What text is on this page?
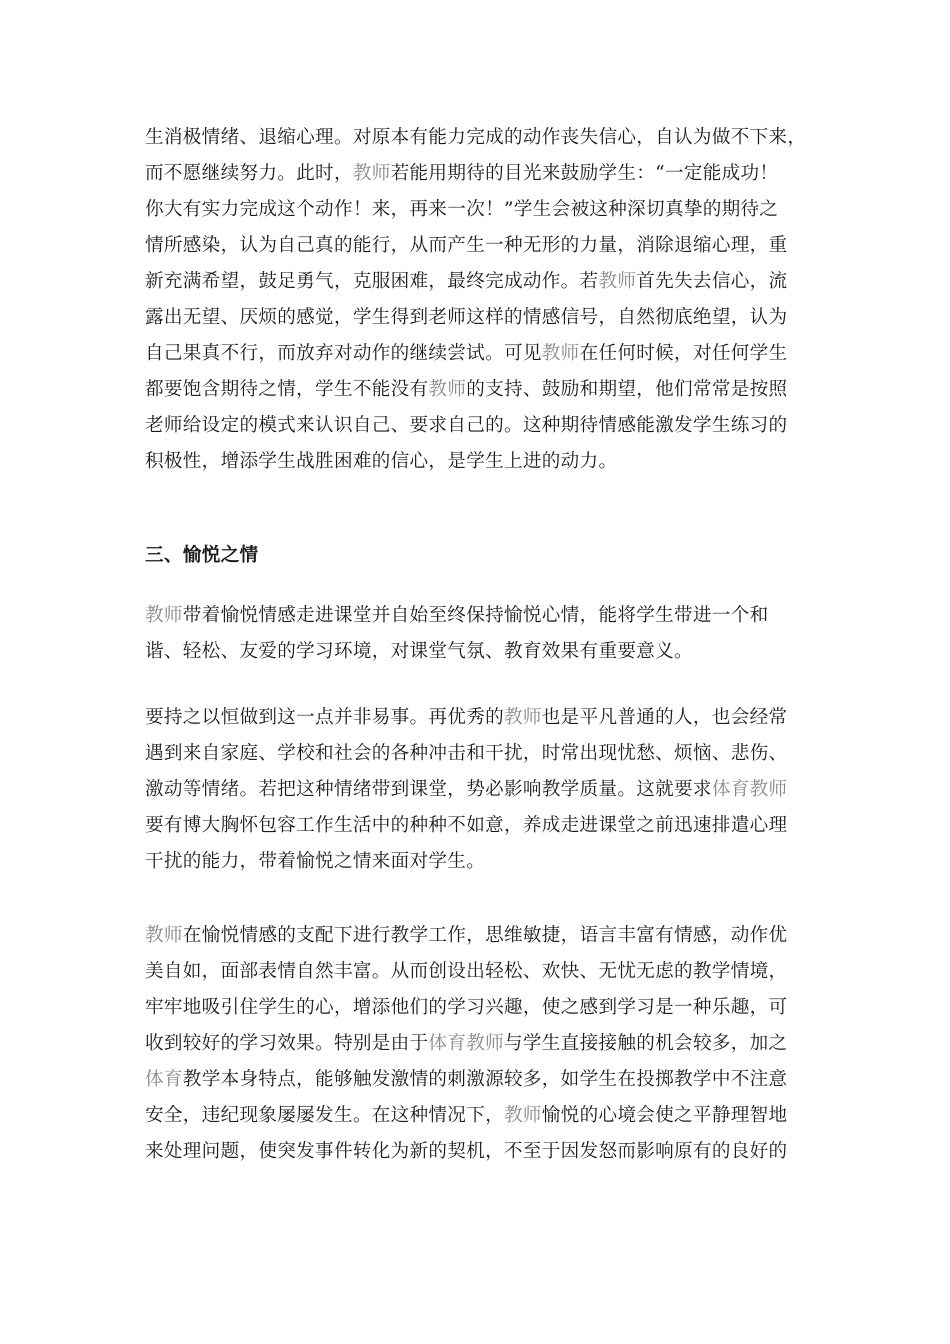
生消极情绪、退缩心理。对原本有能力完成的动作丧失信心，自认为做不下来，
而不愿继续努力。此时，教师若能用期待的目光来鼓励学生：“一定能成功！
你大有实力完成这个动作！来，再来一次！”学生会被这种深切真挚的期待之
情所感染，认为自己真的能行，从而产生一种无形的力量，消除退缩心理，重
新充满希望，鼓足勇气，克服困难，最终完成动作。若教师首先失去信心，流
露出无望、厌烦的感觉，学生得到老师这样的情感信号，自然彻底绝望，认为
自己果真不行，而放弃对动作的继续尝试。可见教师在任何时候，对任何学生
都要饱含期待之情，学生不能没有教师的支持、鼓励和期望，他们常常是按照
老师给设定的模式来认识自己、要求自己的。这种期待情感能激发学生练习的
积极性，增添学生战胜困难的信心，是学生上进的动力。
三、愉悦之情
教师带着愉悦情感走进课堂并自始至终保持愉悦心情，能将学生带进一个和
谐、轻松、友爱的学习环境，对课堂气氛、教育效果有重要意义。
要持之以恒做到这一点并非易事。再优秀的教师也是平凡普通的人，也会经常
遇到来自家庭、学校和社会的各种冲击和干扰，时常出现忧愁、烦恼、悲伤、
激动等情绪。若把这种情绪带到课堂，势必影响教学质量。这就要求体育教师
要有博大胸怀包容工作生活中的种种不如意，养成走进课堂之前迅速排遣心理
干扰的能力，带着愉悦之情来面对学生。
教师在愉悦情感的支配下进行教学工作，思维敏捷，语言丰富有情感，动作优
美自如，面部表情自然丰富。从而创设出轻松、欢快、无忧无虑的教学情境，
牢牢地吸引住学生的心，增添他们的学习兴趣，使之感到学习是一种乐趣，可
收到较好的学习效果。特别是由于体育教师与学生直接接触的机会较多，加之
体育教学本身特点，能够触发激情的刺激源较多，如学生在投掷教学中不注意
安全，违纪现象屡屡发生。在这种情况下，教师愉悦的心境会使之平静理智地
来处理问题，使突发事件转化为新的契机，不至于因发怒而影响原有的良好的
